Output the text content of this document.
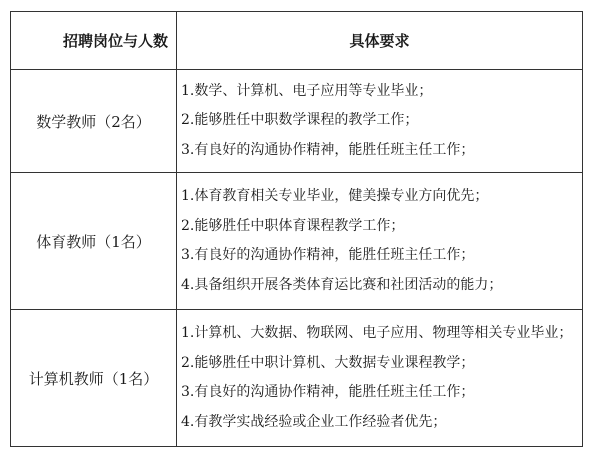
招聘岗位与人数	具体要求
数学教师（2名）	1.数学、计算机、电子应用等专业毕业；
2.能够胜任中职数学课程的教学工作；
3.有良好的沟通协作精神，能胜任班主任工作；

体育教师（1名）	1.体育教育相关专业毕业，健美操专业方向优先；
2.能够胜任中职体育课程教学工作；
3.有良好的沟通协作精神，能胜任班主任工作；
4.具备组织开展各类体育运比赛和社团活动的能力；

计算机教师（1名）	1.计算机、大数据、物联网、电子应用、物理等相关专业毕业；
2.能够胜任中职计算机、大数据专业课程教学；
3.有良好的沟通协作精神，能胜任班主任工作；
4.有教学实战经验或企业工作经验者优先；
